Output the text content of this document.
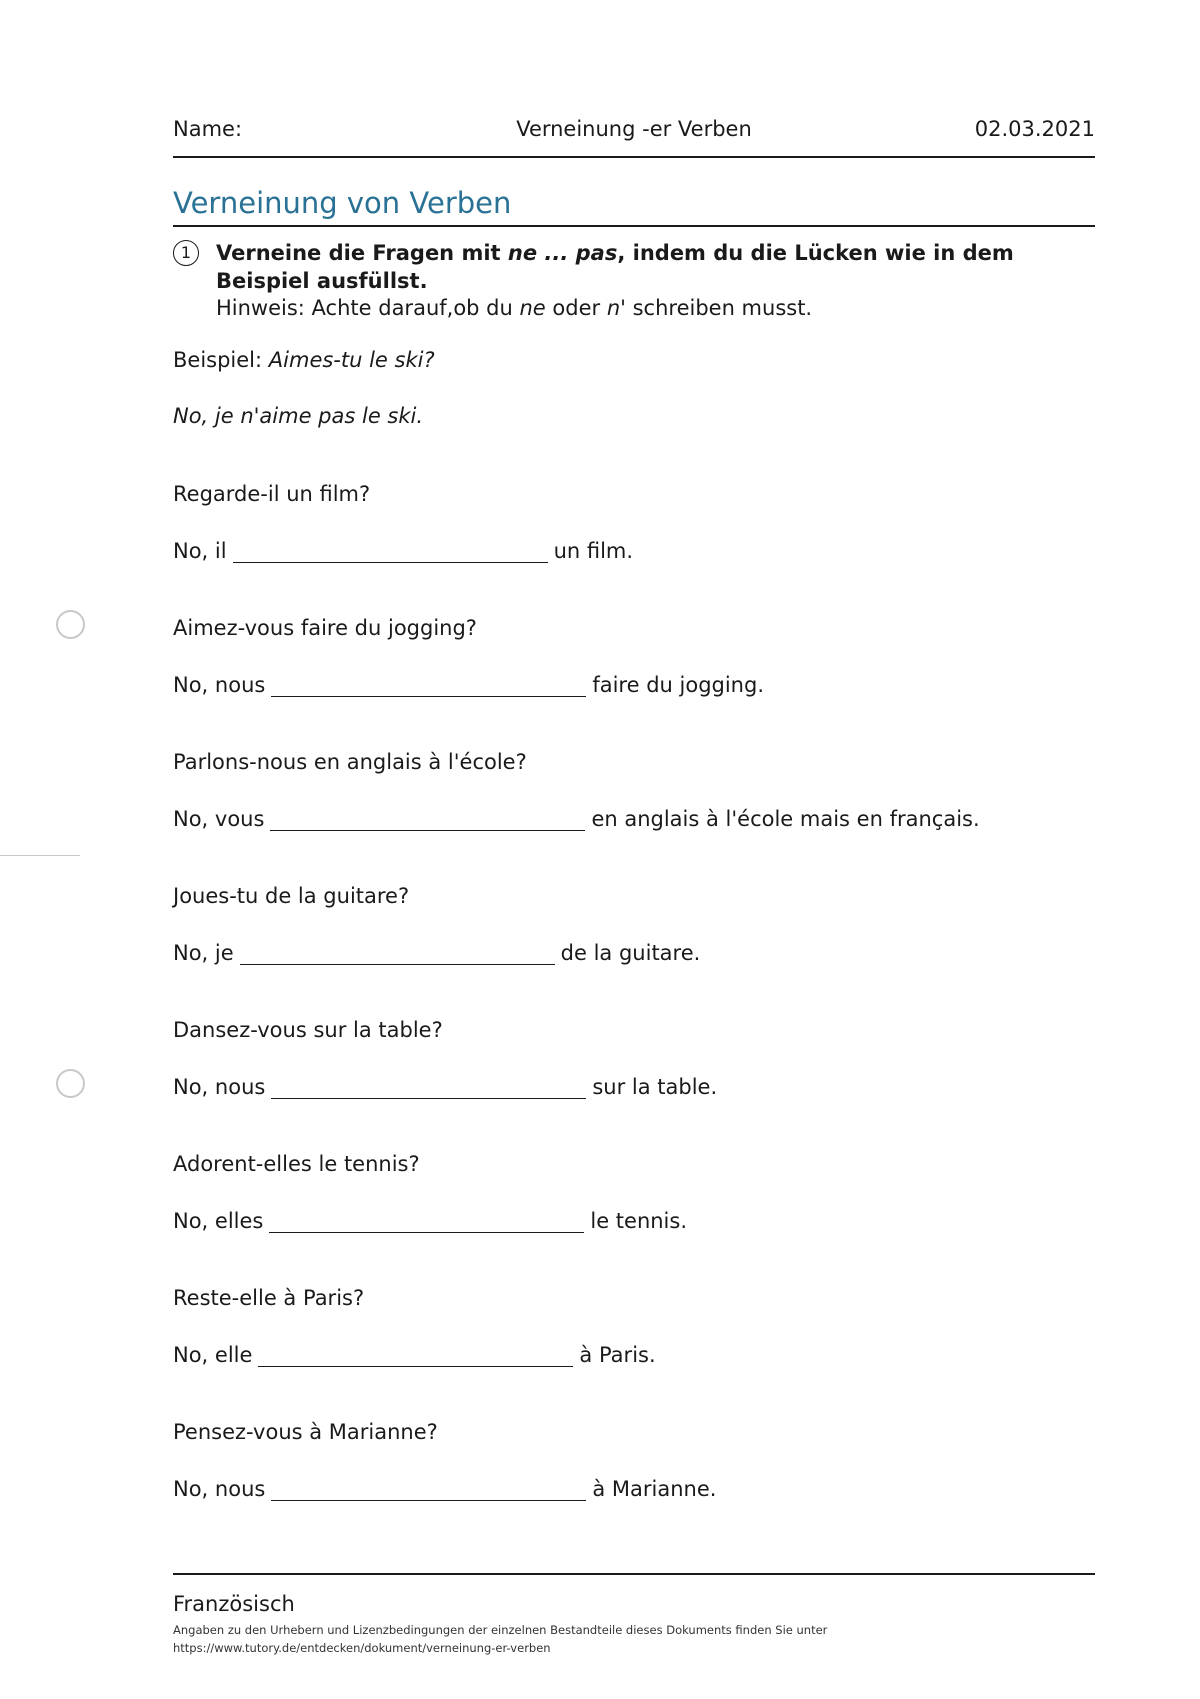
Name:	Verneinung -er Verben	02.03.2021
Verneinung von Verben
1	Verneine die Fragen mit ne ... pas, indem du die Lücken wie in dem Beispiel ausfüllst.
Hinweis: Achte darauf,ob du ne oder n' schreiben musst.
Beispiel: Aimes-tu le ski?
No, je n'aime pas le ski.
Regarde-il un film?
No, il	un film.
Aimez-vous faire du jogging?
No, nous	faire du jogging.
Parlons-nous en anglais à l'école?
No, vous	en anglais à l'école mais en français.
Joues-tu de la guitare?
No, je	de la guitare.
Dansez-vous sur la table?
No, nous	sur la table.
Adorent-elles le tennis?
No, elles	le tennis.
Reste-elle à Paris?
No, elle	à Paris.
Pensez-vous à Marianne?
No, nous	à Marianne.
Französisch
Angaben zu den Urhebern und Lizenzbedingungen der einzelnen Bestandteile dieses Dokuments finden Sie unter
https://www.tutory.de/entdecken/dokument/verneinung-er-verben
